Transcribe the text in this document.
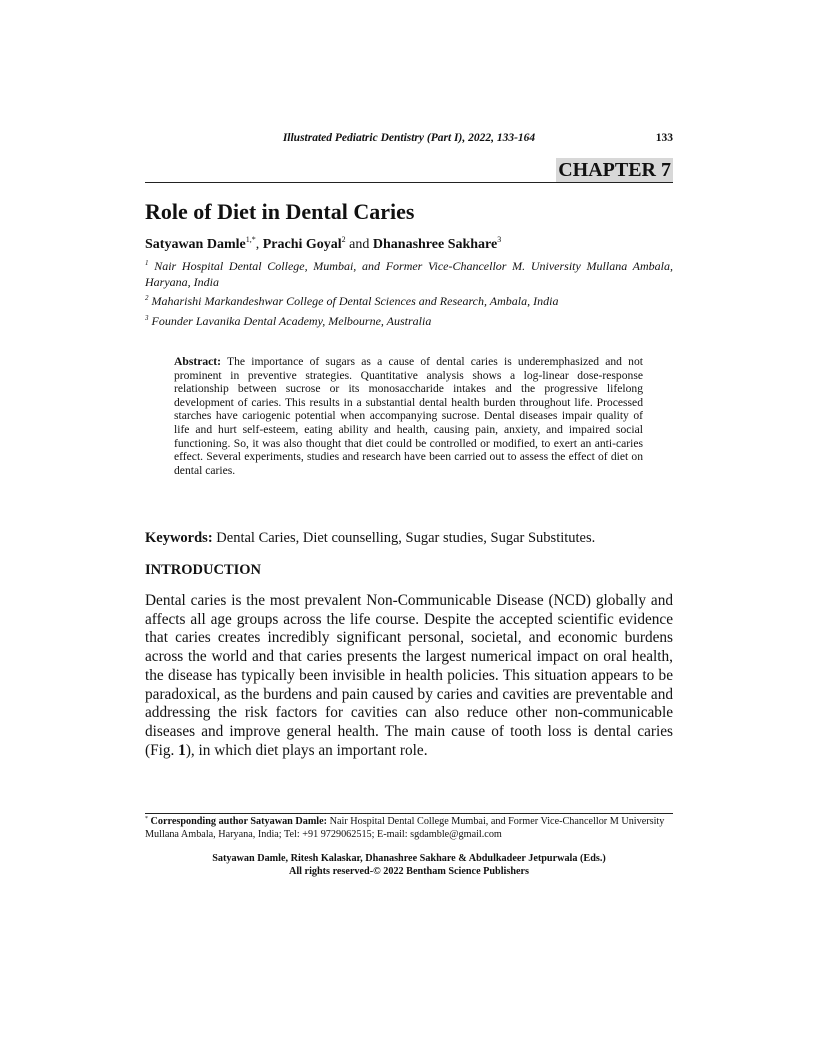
Illustrated Pediatric Dentistry (Part I), 2022, 133-164	133
CHAPTER 7
Role of Diet in Dental Caries
Satyawan Damle$^{1,*}$, Prachi Goyal$^2$ and Dhanashree Sakhare$^3$

$^1$ Nair Hospital Dental College, Mumbai, and Former Vice-Chancellor M. University Mullana Ambala, Haryana, India

$^2$ Maharishi Markandeshwar College of Dental Sciences and Research, Ambala, India

$^3$ Founder Lavanika Dental Academy, Melbourne, Australia

Abstract: The importance of sugars as a cause of dental caries is underemphasized and not prominent in preventive strategies. Quantitative analysis shows a log-linear dose-response relationship between sucrose or its monosaccharide intakes and the progressive lifelong development of caries. This results in a substantial dental health burden throughout life. Processed starches have cariogenic potential when accompanying sucrose. Dental diseases impair quality of life and hurt self-esteem, eating ability and health, causing pain, anxiety, and impaired social functioning. So, it was also thought that diet could be controlled or modified, to exert an anti-caries effect. Several experiments, studies and research have been carried out to assess the effect of diet on dental caries.

Keywords: Dental Caries, Diet counselling, Sugar studies, Sugar Substitutes.

INTRODUCTION

Dental caries is the most prevalent Non-Communicable Disease (NCD) globally and affects all age groups across the life course. Despite the accepted scientific evidence that caries creates incredibly significant personal, societal, and economic burdens across the world and that caries presents the largest numerical impact on oral health, the disease has typically been invisible in health policies. This situation appears to be paradoxical, as the burdens and pain caused by caries and cavities are preventable and addressing the risk factors for cavities can also reduce other non-communicable diseases and improve general health. The main cause of tooth loss is dental caries (Fig. 1), in which diet plays an important role.

* Corresponding author Satyawan Damle: Nair Hospital Dental College Mumbai, and Former Vice-Chancellor M University Mullana Ambala, Haryana, India; Tel: +91 9729062515; E-mail: sgdamble@gmail.com

Satyawan Damle, Ritesh Kalaskar, Dhanashree Sakhare & Abdulkadeer Jetpurwala (Eds.)
All rights reserved-© 2022 Bentham Science Publishers
